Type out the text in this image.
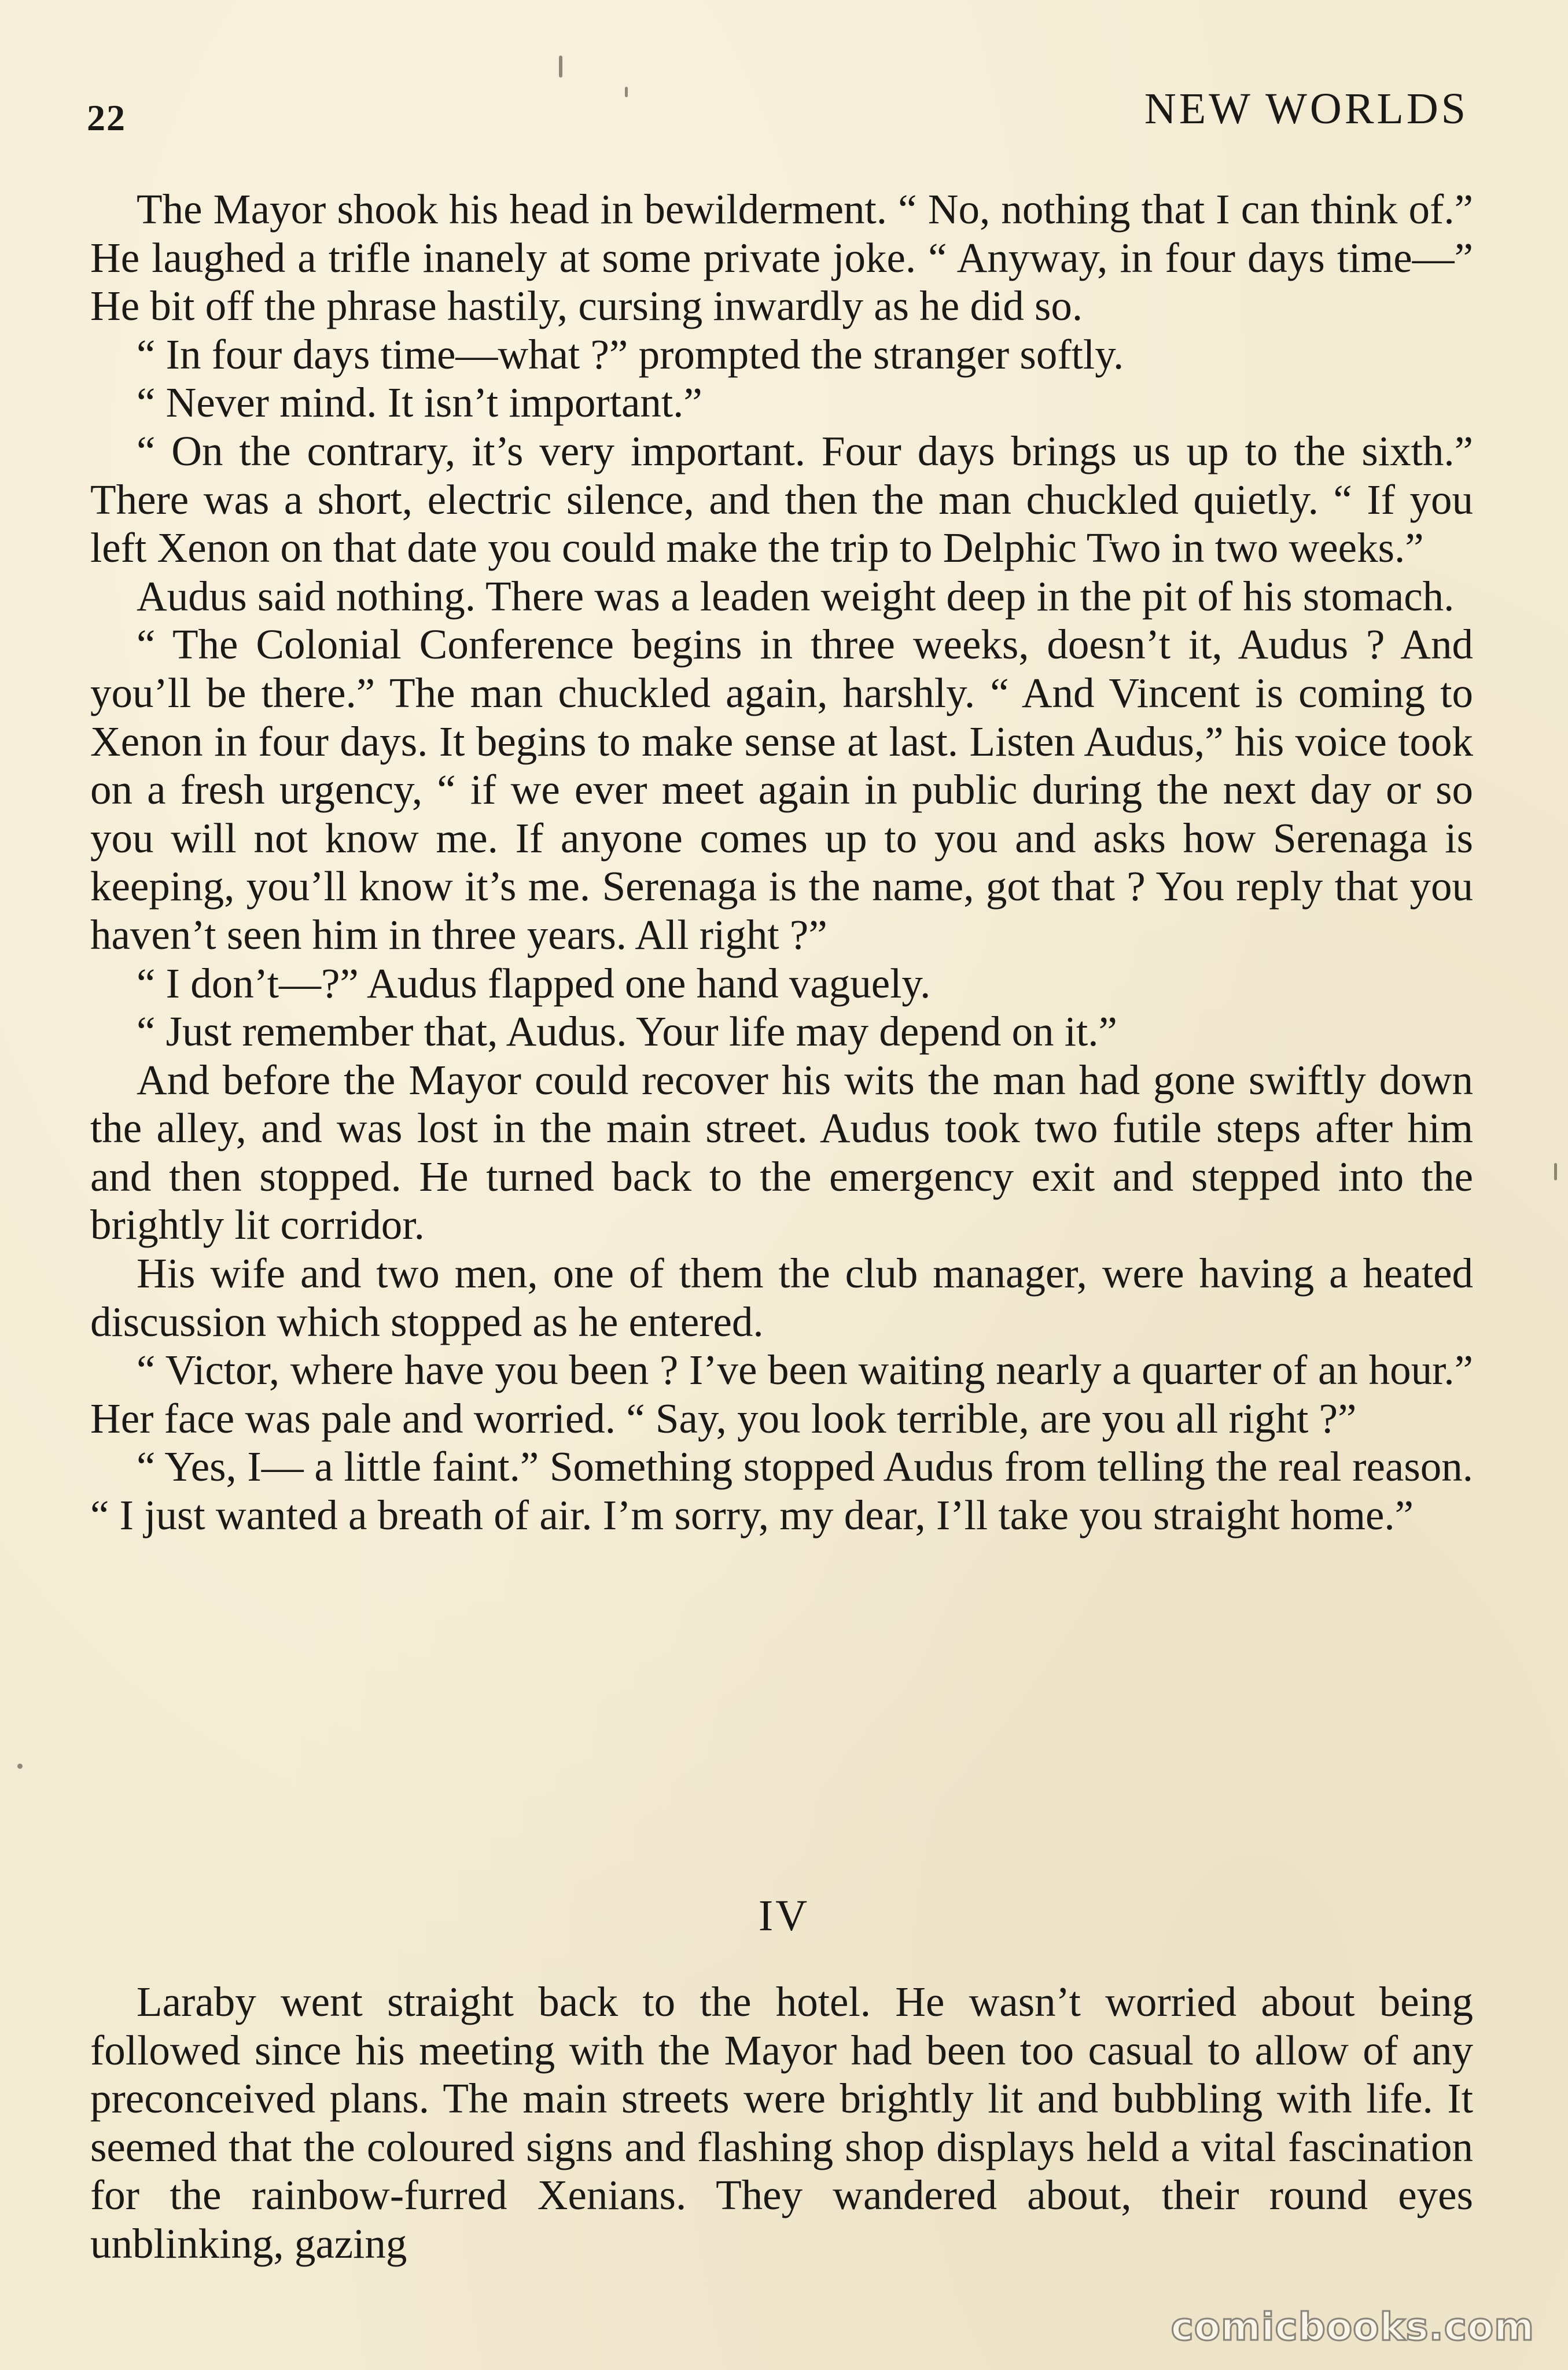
22	NEW WORLDS

The Mayor shook his head in bewilderment. “ No, nothing that I can think of.” He laughed a trifle inanely at some private joke. “ Anyway, in four days time—” He bit off the phrase hastily, cursing inwardly as he did so.

“ In four days time—what ?” prompted the stranger softly.

“ Never mind. It isn’t important.”

“ On the contrary, it’s very important. Four days brings us up to the sixth.” There was a short, electric silence, and then the man chuckled quietly. “ If you left Xenon on that date you could make the trip to Delphic Two in two weeks.”

Audus said nothing. There was a leaden weight deep in the pit of his stomach.

“ The Colonial Conference begins in three weeks, doesn’t it, Audus ? And you’ll be there.” The man chuckled again, harshly. “ And Vincent is coming to Xenon in four days. It begins to make sense at last. Listen Audus,” his voice took on a fresh urgency, “ if we ever meet again in public during the next day or so you will not know me. If anyone comes up to you and asks how Serenaga is keeping, you’ll know it’s me. Serenaga is the name, got that ? You reply that you haven’t seen him in three years. All right ?”

“ I don’t—?” Audus flapped one hand vaguely.

“ Just remember that, Audus. Your life may depend on it.”

And before the Mayor could recover his wits the man had gone swiftly down the alley, and was lost in the main street. Audus took two futile steps after him and then stopped. He turned back to the emergency exit and stepped into the brightly lit corridor.

His wife and two men, one of them the club manager, were having a heated discussion which stopped as he entered.

“ Victor, where have you been ? I’ve been waiting nearly a quarter of an hour.” Her face was pale and worried. “ Say, you look terrible, are you all right ?”

“ Yes, I— a little faint.” Something stopped Audus from telling the real reason. “ I just wanted a breath of air. I’m sorry, my dear, I’ll take you straight home.”

IV

Laraby went straight back to the hotel. He wasn’t worried about being followed since his meeting with the Mayor had been too casual to allow of any preconceived plans. The main streets were brightly lit and bubbling with life. It seemed that the coloured signs and flashing shop displays held a vital fascination for the rainbow-furred Xenians. They wandered about, their round eyes unblinking, gazing

comicbooks.com
